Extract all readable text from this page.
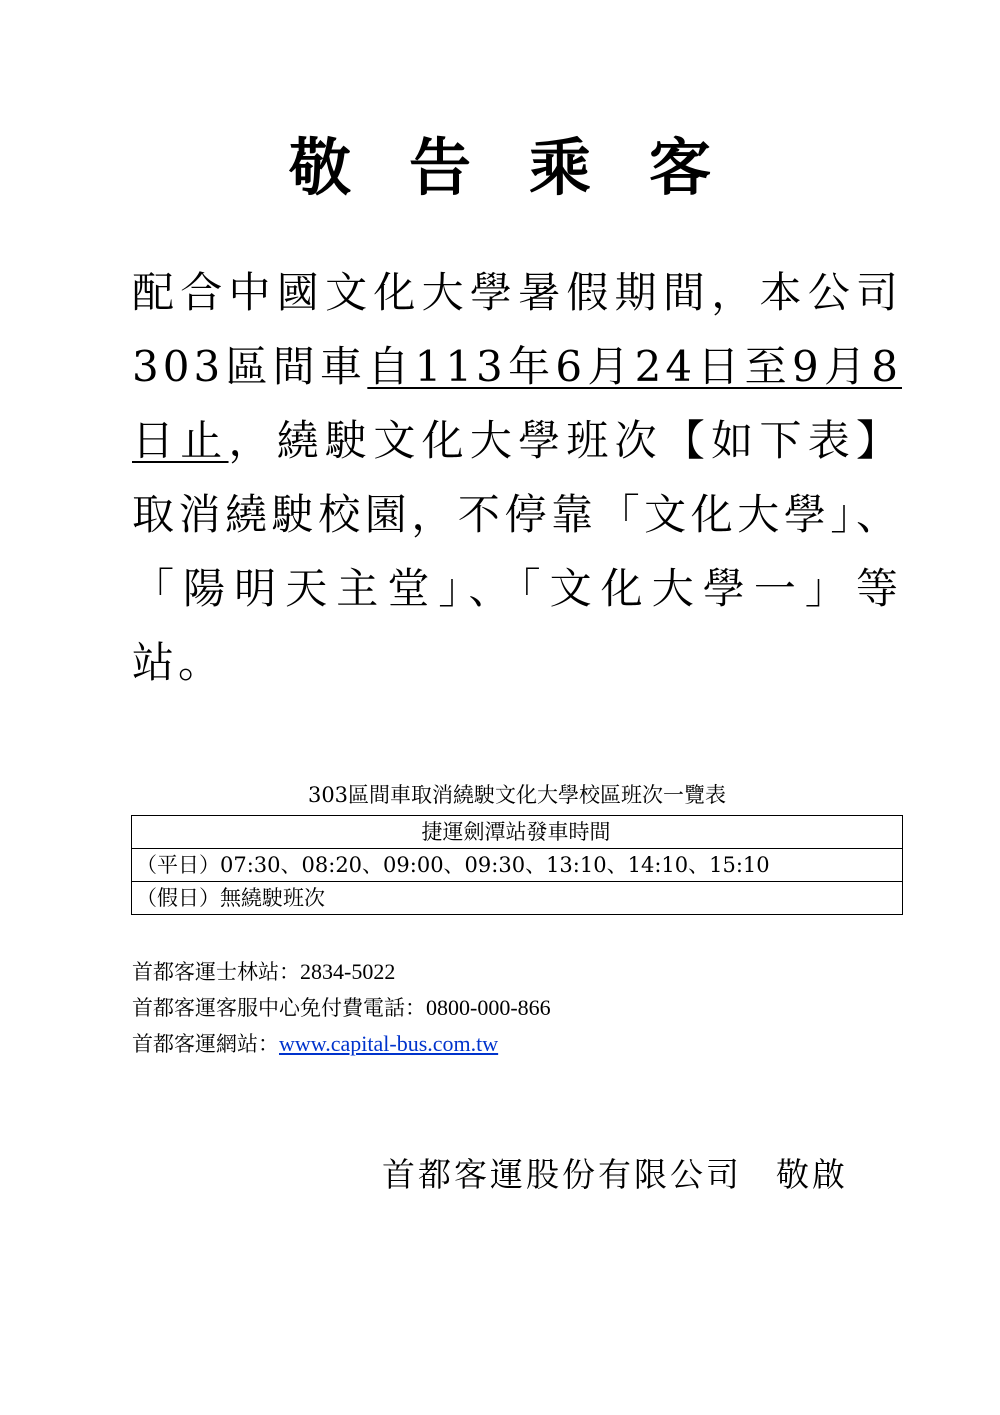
敬告乘客
配合中國文化大學暑假期間，本公司303區間車自113年6月24日至9月8日止，繞駛文化大學班次【如下表】取消繞駛校園，不停靠「文化大學」、「陽明天主堂」、「文化大學一」等站。
303區間車取消繞駛文化大學校區班次一覽表
捷運劍潭站發車時間
（平日）07:30、08:20、09:00、09:30、13:10、14:10、15:10
（假日）無繞駛班次
首都客運士林站：2834-5022
首都客運客服中心免付費電話：0800-000-866
首都客運網站：www.capital-bus.com.tw
首都客運股份有限公司 敬啟
